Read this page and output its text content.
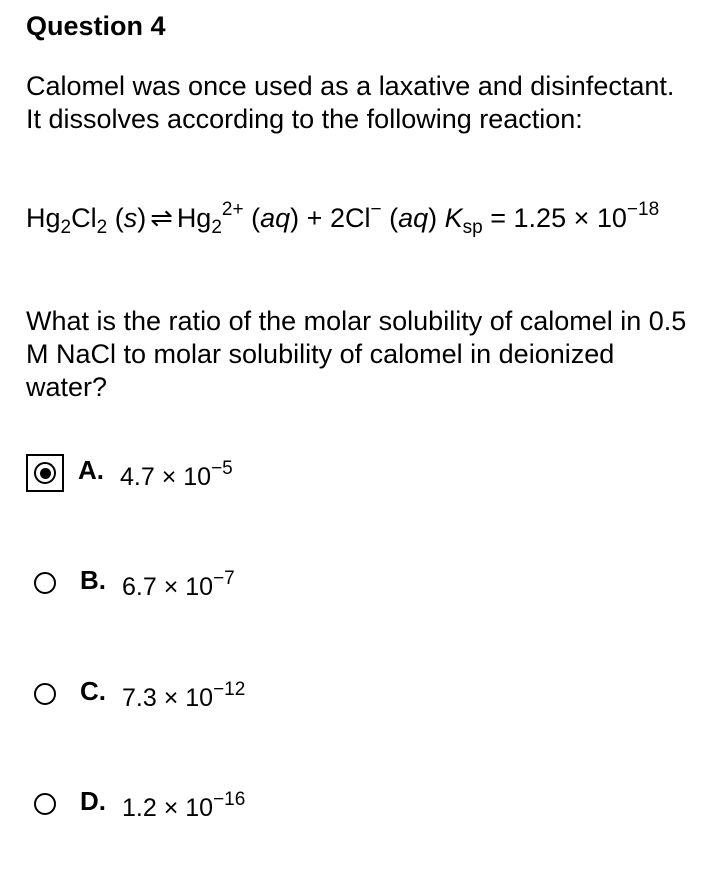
Question 4
Calomel was once used as a laxative and disinfectant. It dissolves according to the following reaction:
$Hg_2Cl_2$ (s) ⇌ $Hg_2^{2+}$ (aq) + 2Cl− (aq) $K_{sp} = 1.25 \times 10^{-18}$
What is the ratio of the molar solubility of calomel in 0.5 M NaCl to molar solubility of calomel in deionized water?
A. $4.7 \times 10^{-5}$
B. $6.7 \times 10^{-7}$
C. $7.3 \times 10^{-12}$
D. $1.2 \times 10^{-16}$
